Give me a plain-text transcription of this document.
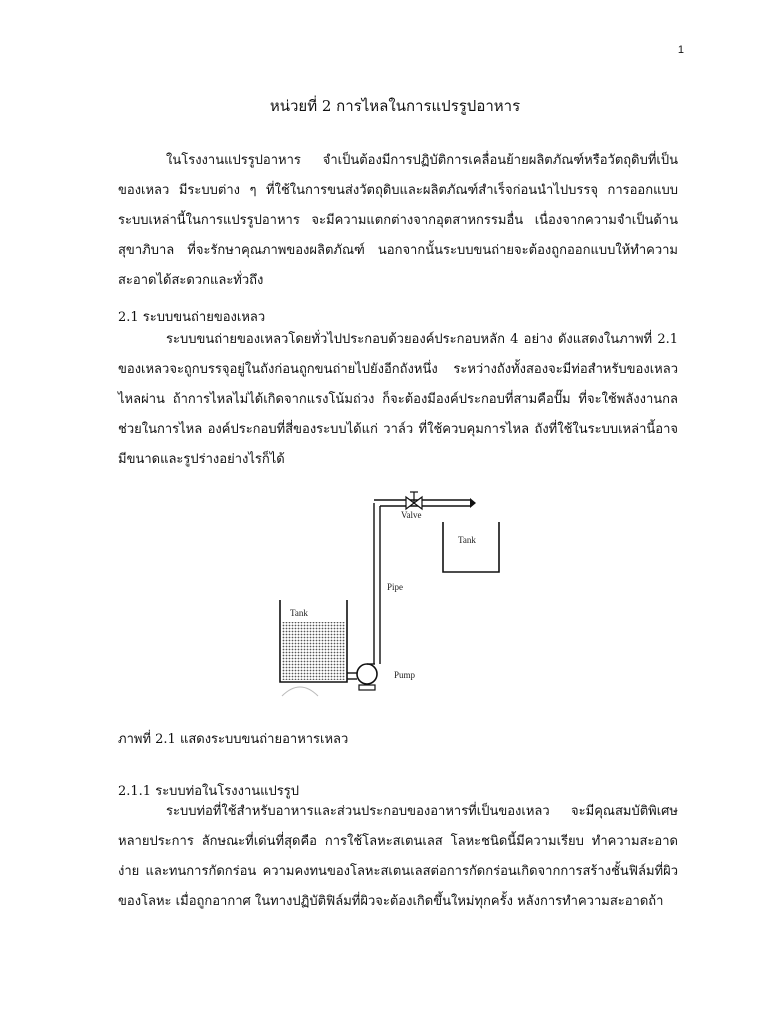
1
หน่วยที่ 2 การไหลในการแปรรูปอาหาร

ในโรงงานแปรรูปอาหาร จำเป็นต้องมีการปฏิบัติการเคลื่อนย้ายผลิตภัณฑ์หรือวัตถุดิบที่เป็นของเหลว มีระบบต่าง ๆ ที่ใช้ในการขนส่งวัตถุดิบและผลิตภัณฑ์สำเร็จก่อนนำไปบรรจุ การออกแบบระบบเหล่านี้ในการแปรรูปอาหาร จะมีความแตกต่างจากอุตสาหกรรมอื่น เนื่องจากความจำเป็นด้านสุขาภิบาล ที่จะรักษาคุณภาพของผลิตภัณฑ์ นอกจากนั้นระบบขนถ่ายจะต้องถูกออกแบบให้ทำความสะอาดได้สะดวกและทั่วถึง

2.1 ระบบขนถ่ายของเหลว

ระบบขนถ่ายของเหลวโดยทั่วไปประกอบด้วยองค์ประกอบหลัก 4 อย่าง ดังแสดงในภาพที่ 2.1 ของเหลวจะถูกบรรจุอยู่ในถังก่อนถูกขนถ่ายไปยังอีกถังหนึ่ง ระหว่างถังทั้งสองจะมีท่อสำหรับของเหลวไหลผ่าน ถ้าการไหลไม่ได้เกิดจากแรงโน้มถ่วง ก็จะต้องมีองค์ประกอบที่สามคือปั๊ม ที่จะใช้พลังงานกลช่วยในการไหล องค์ประกอบที่สี่ของระบบได้แก่ วาล์ว ที่ใช้ควบคุมการไหล ถังที่ใช้ในระบบเหล่านี้อาจมีขนาดและรูปร่างอย่างไรก็ได้

Tank
Pump
Pipe
Valve
Tank
ภาพที่ 2.1 แสดงระบบขนถ่ายอาหารเหลว

2.1.1 ระบบท่อในโรงงานแปรรูป

ระบบท่อที่ใช้สำหรับอาหารและส่วนประกอบของอาหารที่เป็นของเหลว จะมีคุณสมบัติพิเศษหลายประการ ลักษณะที่เด่นที่สุดคือ การใช้โลหะสเตนเลส โลหะชนิดนี้มีความเรียบ ทำความสะอาดง่าย และทนการกัดกร่อน ความคงทนของโลหะสเตนเลสต่อการกัดกร่อนเกิดจากการสร้างชั้นฟิล์มที่ผิวของโลหะ เมื่อถูกอากาศ ในทางปฏิบัติฟิล์มที่ผิวจะต้องเกิดขึ้นใหม่ทุกครั้ง หลังการทำความสะอาดถ้า
